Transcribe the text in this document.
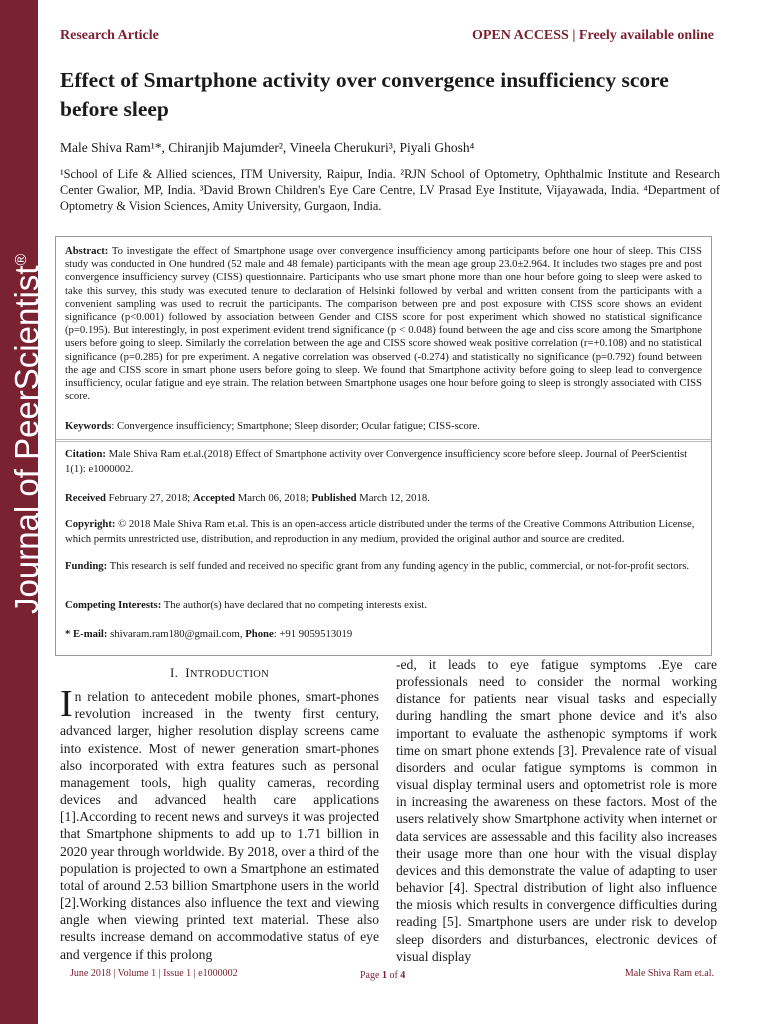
Journal of PeerScientist®
Research Article	OPEN ACCESS | Freely available online
Effect of Smartphone activity over convergence insufficiency score before sleep
Male Shiva Ram¹*, Chiranjib Majumder², Vineela Cherukuri³, Piyali Ghosh⁴
¹School of Life & Allied sciences, ITM University, Raipur, India. ²RJN School of Optometry, Ophthalmic Institute and Research Center Gwalior, MP, India. ³David Brown Children's Eye Care Centre, LV Prasad Eye Institute, Vijayawada, India. ⁴Department of Optometry & Vision Sciences, Amity University, Gurgaon, India.
Abstract: To investigate the effect of Smartphone usage over convergence insufficiency among participants before one hour of sleep. This CISS study was conducted in One hundred (52 male and 48 female) participants with the mean age group 23.0±2.964. It includes two stages pre and post convergence insufficiency survey (CISS) questionnaire. Participants who use smart phone more than one hour before going to sleep were asked to take this survey, this study was executed tenure to declaration of Helsinki followed by verbal and written consent from the participants with a convenient sampling was used to recruit the participants. The comparison between pre and post exposure with CISS score shows an evident significance (p<0.001) followed by association between Gender and CISS score for post experiment which showed no statistical significance (p=0.195). But interestingly, in post experiment evident trend significance (p < 0.048) found between the age and ciss score among the Smartphone users before going to sleep. Similarly the correlation between the age and CISS score showed weak positive correlation (r=+0.108) and no statistical significance (p=0.285) for pre experiment. A negative correlation was observed (-0.274) and statistically no significance (p=0.792) found between the age and CISS score in smart phone users before going to sleep. We found that Smartphone activity before going to sleep lead to convergence insufficiency, ocular fatigue and eye strain. The relation between Smartphone usages one hour before going to sleep is strongly associated with CISS score.
Keywords: Convergence insufficiency; Smartphone; Sleep disorder; Ocular fatigue; CISS-score.
Citation: Male Shiva Ram et.al.(2018) Effect of Smartphone activity over Convergence insufficiency score before sleep. Journal of PeerScientist 1(1): e1000002.
Received February 27, 2018; Accepted March 06, 2018; Published March 12, 2018.
Copyright: © 2018 Male Shiva Ram et.al. This is an open-access article distributed under the terms of the Creative Commons Attribution License, which permits unrestricted use, distribution, and reproduction in any medium, provided the original author and source are credited.
Funding: This research is self funded and received no specific grant from any funding agency in the public, commercial, or not-for-profit sectors.
Competing Interests: The author(s) have declared that no competing interests exist.
* E-mail: shivaram.ram180@gmail.com, Phone: +91 9059513019
I. INTRODUCTION
I n relation to antecedent mobile phones, smart-phones revolution increased in the twenty first century, advanced larger, higher resolution display screens came into existence. Most of newer generation smart-phones also incorporated with extra features such as personal management tools, high quality cameras, recording devices and advanced health care applications [1].According to recent news and surveys it was projected that Smartphone shipments to add up to 1.71 billion in 2020 year through worldwide. By 2018, over a third of the population is projected to own a Smartphone an estimated total of around 2.53 billion Smartphone users in the world [2].Working distances also influence the text and viewing angle when viewing printed text material. These also results increase demand on accommodative status of eye and vergence if this prolong
-ed, it leads to eye fatigue symptoms .Eye care professionals need to consider the normal working distance for patients near visual tasks and especially during handling the smart phone device and it's also important to evaluate the asthenopic symptoms if work time on smart phone extends [3]. Prevalence rate of visual disorders and ocular fatigue symptoms is common in visual display terminal users and optometrist role is more in increasing the awareness on these factors. Most of the users relatively show Smartphone activity when internet or data services are assessable and this facility also increases their usage more than one hour with the visual display devices and this demonstrate the value of adapting to user behavior [4]. Spectral distribution of light also influence the miosis which results in convergence difficulties during reading [5]. Smartphone users are under risk to develop sleep disorders and disturbances, electronic devices of visual display
June 2018 | Volume 1 | Issue 1 | e1000002	Page 1 of 4	Male Shiva Ram et.al.
